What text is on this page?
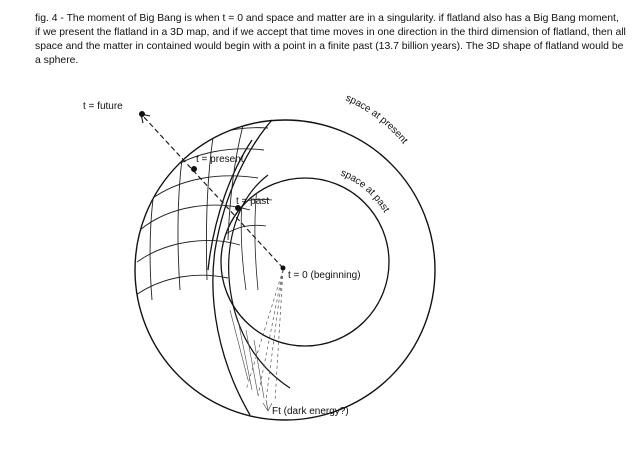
fig. 4 - The moment of Big Bang is when t = 0 and space and matter are in a singularity. if flatland also has a Big Bang moment,
if we present the flatland in a 3D map, and if we accept that time moves in one direction in the third dimension of flatland, then all
space and the matter in contained would begin with a point in a finite past (13.7 billion years). The 3D shape of flatland would be
a sphere.
t = future
t = present
t = past
t = 0 (beginning)
Ft (dark energy?)
space at present
space at past
